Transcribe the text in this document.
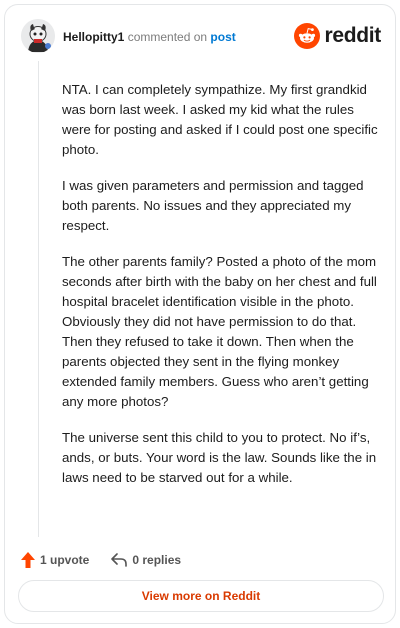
Hellopitty1 commented on post	reddit

NTA. I can completely sympathize. My first grandkid was born last week. I asked my kid what the rules were for posting and asked if I could post one specific photo.

I was given parameters and permission and tagged both parents. No issues and they appreciated my respect.

The other parents family? Posted a photo of the mom seconds after birth with the baby on her chest and full hospital bracelet identification visible in the photo. Obviously they did not have permission to do that. Then they refused to take it down. Then when the parents objected they sent in the flying monkey extended family members. Guess who aren’t getting any more photos?

The universe sent this child to you to protect. No if’s, ands, or buts. Your word is the law. Sounds like the in laws need to be starved out for a while.

1 upvote	0 replies
View more on Reddit
